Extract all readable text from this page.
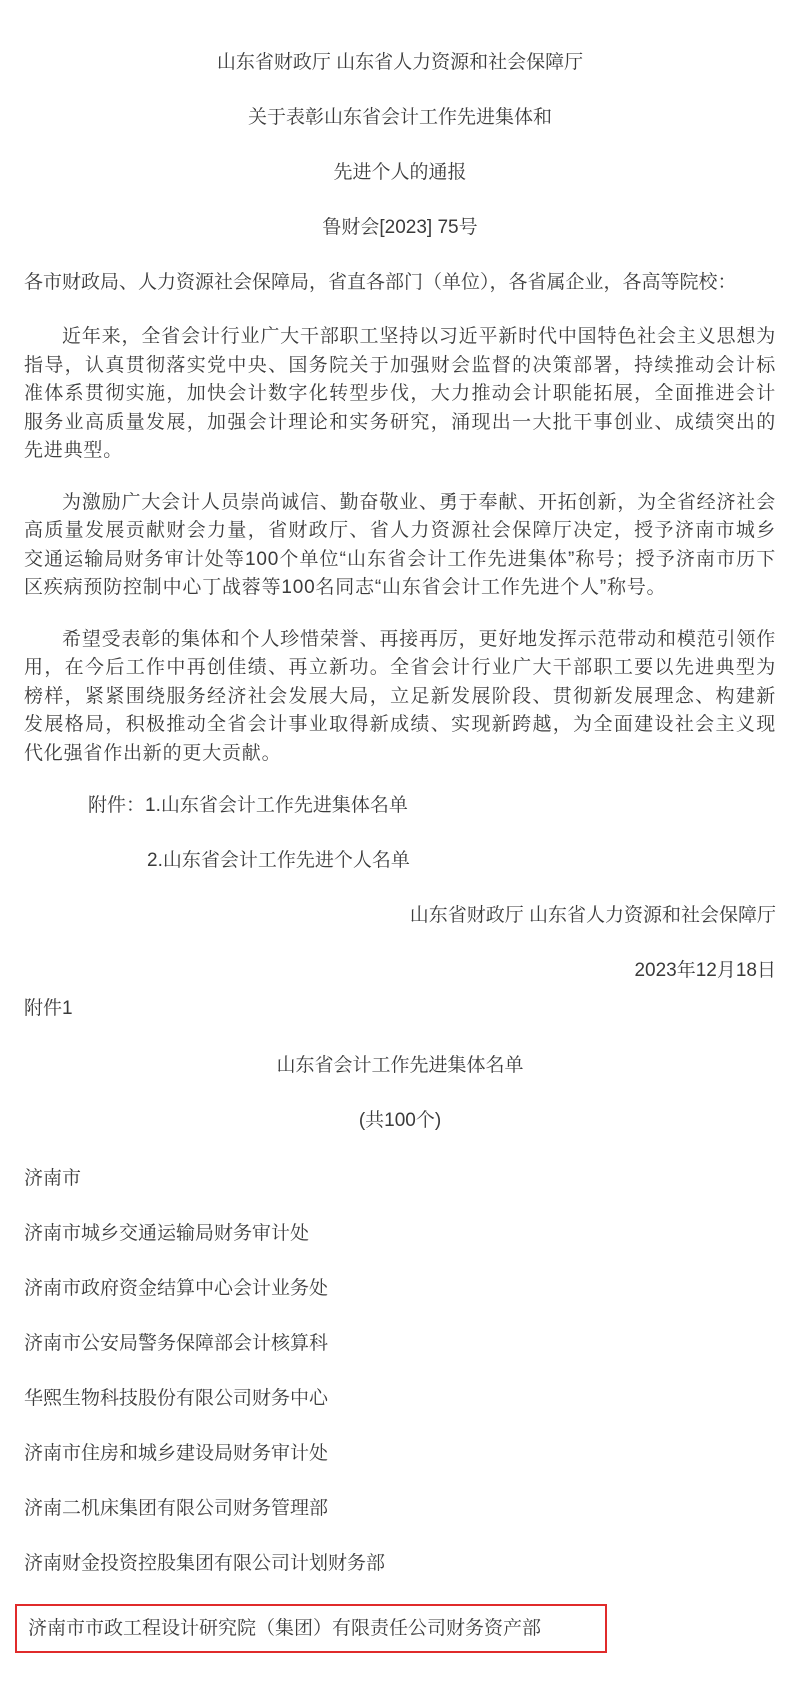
山东省财政厅 山东省人力资源和社会保障厅

关于表彰山东省会计工作先进集体和

先进个人的通报

鲁财会[2023] 75号

各市财政局、人力资源社会保障局，省直各部门（单位），各省属企业，各高等院校：

近年来，全省会计行业广大干部职工坚持以习近平新时代中国特色社会主义思想为指导，认真贯彻落实党中央、国务院关于加强财会监督的决策部署，持续推动会计标准体系贯彻实施，加快会计数字化转型步伐，大力推动会计职能拓展，全面推进会计服务业高质量发展，加强会计理论和实务研究，涌现出一大批干事创业、成绩突出的先进典型。

为激励广大会计人员崇尚诚信、勤奋敬业、勇于奉献、开拓创新，为全省经济社会高质量发展贡献财会力量，省财政厅、省人力资源社会保障厅决定，授予济南市城乡交通运输局财务审计处等100个单位“山东省会计工作先进集体”称号；授予济南市历下区疾病预防控制中心丁战蓉等100名同志“山东省会计工作先进个人”称号。

希望受表彰的集体和个人珍惜荣誉、再接再厉，更好地发挥示范带动和模范引领作用，在今后工作中再创佳绩、再立新功。全省会计行业广大干部职工要以先进典型为榜样，紧紧围绕服务经济社会发展大局，立足新发展阶段、贯彻新发展理念、构建新发展格局，积极推动全省会计事业取得新成绩、实现新跨越，为全面建设社会主义现代化强省作出新的更大贡献。

附件：1.山东省会计工作先进集体名单

2.山东省会计工作先进个人名单

山东省财政厅 山东省人力资源和社会保障厅

2023年12月18日

附件1

山东省会计工作先进集体名单

(共100个)

济南市

济南市城乡交通运输局财务审计处

济南市政府资金结算中心会计业务处

济南市公安局警务保障部会计核算科

华熙生物科技股份有限公司财务中心

济南市住房和城乡建设局财务审计处

济南二机床集团有限公司财务管理部

济南财金投资控股集团有限公司计划财务部

济南市市政工程设计研究院（集团）有限责任公司财务资产部
